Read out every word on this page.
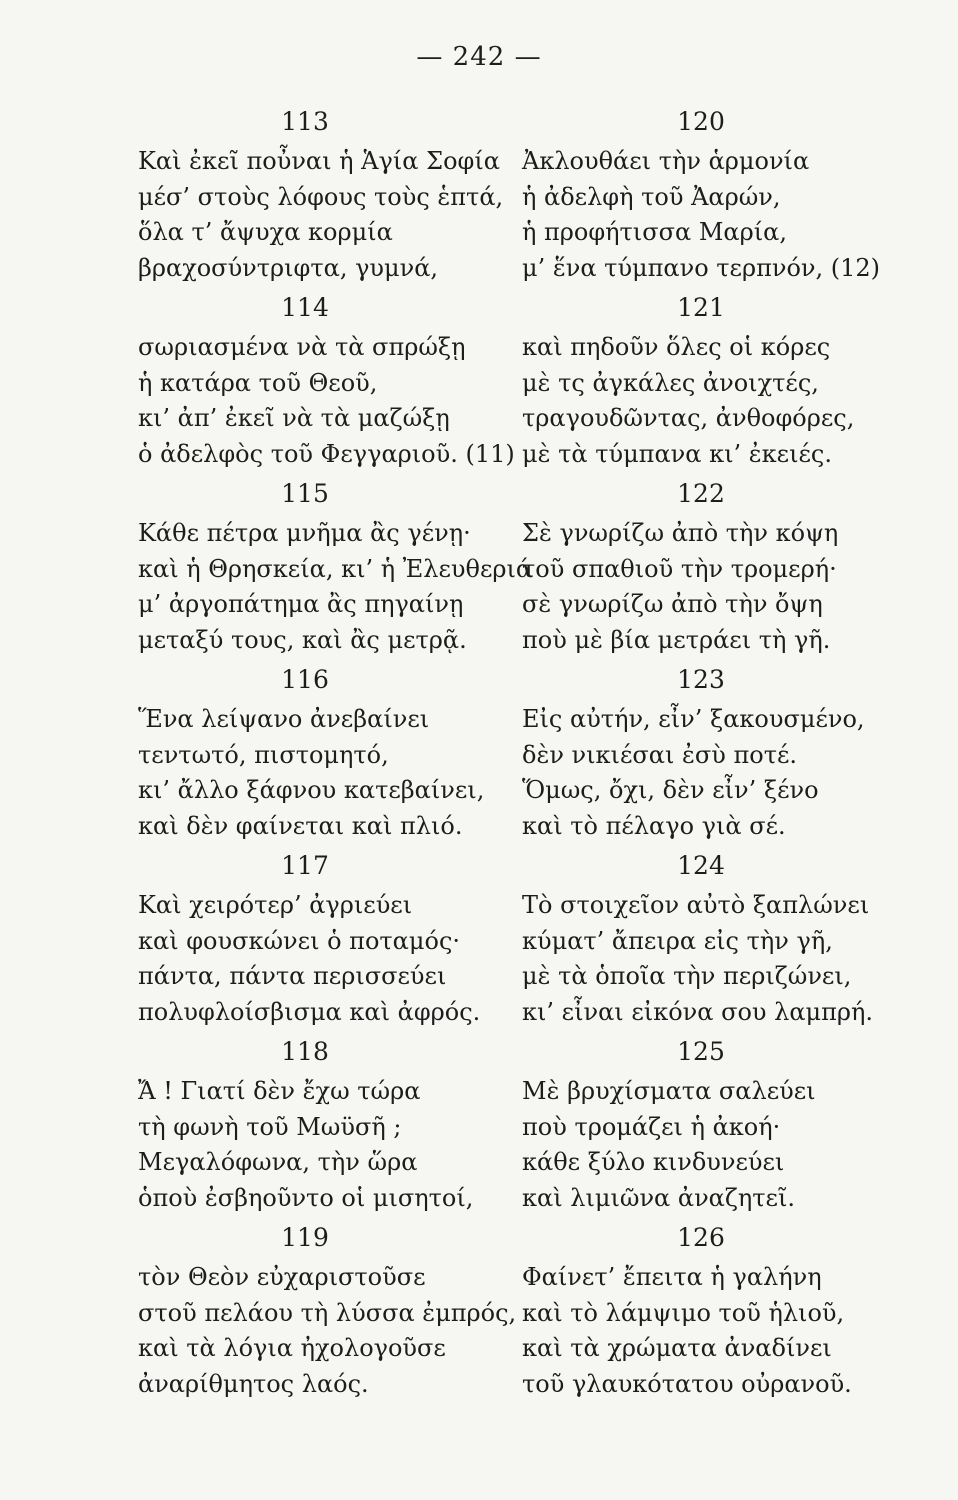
— 242 —
113
Καὶ ἐκεῖ ποὖναι ἡ Ἁγία Σοφία
μέσ’ στοὺς λόφους τοὺς ἑπτά,
ὅλα τ’ ἄψυχα κορμία
βραχοσύντριφτα, γυμνά,
114
σωριασμένα νὰ τὰ σπρώξῃ
ἡ κατάρα τοῦ Θεοῦ,
κι’ ἀπ’ ἐκεῖ νὰ τὰ μαζώξῃ
ὁ ἀδελφὸς τοῦ Φεγγαριοῦ. (11)
115
Κάθε πέτρα μνῆμα ἂς γένῃ·
καὶ ἡ Θρησκεία, κι’ ἡ Ἐλευθεριά
μ’ ἀργοπάτημα ἂς πηγαίνῃ
μεταξύ τους, καὶ ἂς μετρᾷ.
116
Ἕνα λείψανο ἀνεβαίνει
τεντωτό, πιστομητό,
κι’ ἄλλο ξάφνου κατεβαίνει,
καὶ δὲν φαίνεται καὶ πλιό.
117
Καὶ χειρότερ’ ἀγριεύει
καὶ φουσκώνει ὁ ποταμός·
πάντα, πάντα περισσεύει
πολυφλοίσβισμα καὶ ἀφρός.
118
Ἄ ! Γιατί δὲν ἔχω τώρα
τὴ φωνὴ τοῦ Μωϋσῆ ;
Μεγαλόφωνα, τὴν ὥρα
ὁποὺ ἐσβηοῦντο οἱ μισητοί,
119
τὸν Θεὸν εὐχαριστοῦσε
στοῦ πελάου τὴ λύσσα ἐμπρός,
καὶ τὰ λόγια ἠχολογοῦσε
ἀναρίθμητος λαός.
120
Ἀκλουθάει τὴν ἁρμονία
ἡ ἀδελφὴ τοῦ Ἀαρών,
ἡ προφήτισσα Μαρία,
μ’ ἕνα τύμπανο τερπνόν, (12)
121
καὶ πηδοῦν ὅλες οἱ κόρες
μὲ τς ἀγκάλες ἀνοιχτές,
τραγουδῶντας, ἀνθοφόρες,
μὲ τὰ τύμπανα κι’ ἐκειές.
122
Σὲ γνωρίζω ἀπὸ τὴν κόψη
τοῦ σπαθιοῦ τὴν τρομερή·
σὲ γνωρίζω ἀπὸ τὴν ὄψη
ποὺ μὲ βία μετράει τὴ γῆ.
123
Εἰς αὐτήν, εἶν’ ξακουσμένο,
δὲν νικιέσαι ἐσὺ ποτέ.
Ὅμως, ὄχι, δὲν εἶν’ ξένο
καὶ τὸ πέλαγο γιὰ σέ.
124
Τὸ στοιχεῖον αὐτὸ ξαπλώνει
κύματ’ ἄπειρα εἰς τὴν γῆ,
μὲ τὰ ὁποῖα τὴν περιζώνει,
κι’ εἶναι εἰκόνα σου λαμπρή.
125
Μὲ βρυχίσματα σαλεύει
ποὺ τρομάζει ἡ ἀκοή·
κάθε ξύλο κινδυνεύει
καὶ λιμιῶνα ἀναζητεῖ.
126
Φαίνετ’ ἔπειτα ἡ γαλήνη
καὶ τὸ λάμψιμο τοῦ ἡλιοῦ,
καὶ τὰ χρώματα ἀναδίνει
τοῦ γλαυκότατου οὐρανοῦ.
